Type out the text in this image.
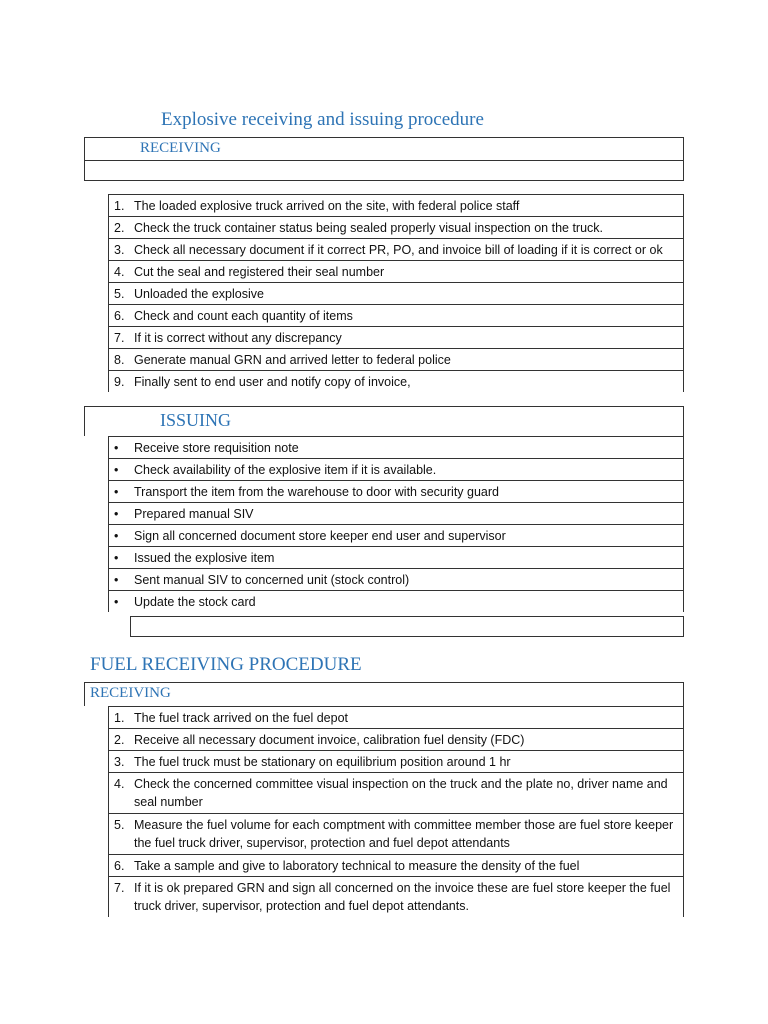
Explosive receiving and issuing procedure
RECEIVING
1. The loaded explosive truck arrived on the site, with federal police staff
2. Check the truck container status being sealed properly visual inspection on the truck.
3. Check all necessary document if it correct PR, PO, and invoice bill of loading if it is correct or ok
4. Cut the seal and registered their seal number
5. Unloaded the explosive
6. Check and count each quantity of items
7. If it is correct without any discrepancy
8. Generate manual GRN and arrived letter to federal police
9. Finally sent to end user and notify copy of invoice,
ISSUING
•	Receive store requisition note
•	Check availability of the explosive item if it is available.
•	Transport the item from the warehouse to door with security guard
•	Prepared manual SIV
•	Sign all concerned document store keeper end user and supervisor
•	Issued the explosive item
•	Sent manual SIV to concerned unit (stock control)
•	Update the stock card
FUEL RECEIVING PROCEDURE
RECEIVING
1. The fuel track arrived on the fuel depot
2. Receive all necessary document invoice, calibration fuel density (FDC)
3. The fuel truck must be stationary on equilibrium position around 1 hr
4. Check the concerned committee visual inspection on the truck and the plate no, driver name and seal number
5. Measure the fuel volume for each comptment with committee member those are fuel store keeper the fuel truck driver, supervisor, protection and fuel depot attendants
6. Take a sample and give to laboratory technical to measure the density of the fuel
7. If it is ok prepared GRN and sign all concerned on the invoice these are fuel store keeper the fuel truck driver, supervisor, protection and fuel depot attendants.
